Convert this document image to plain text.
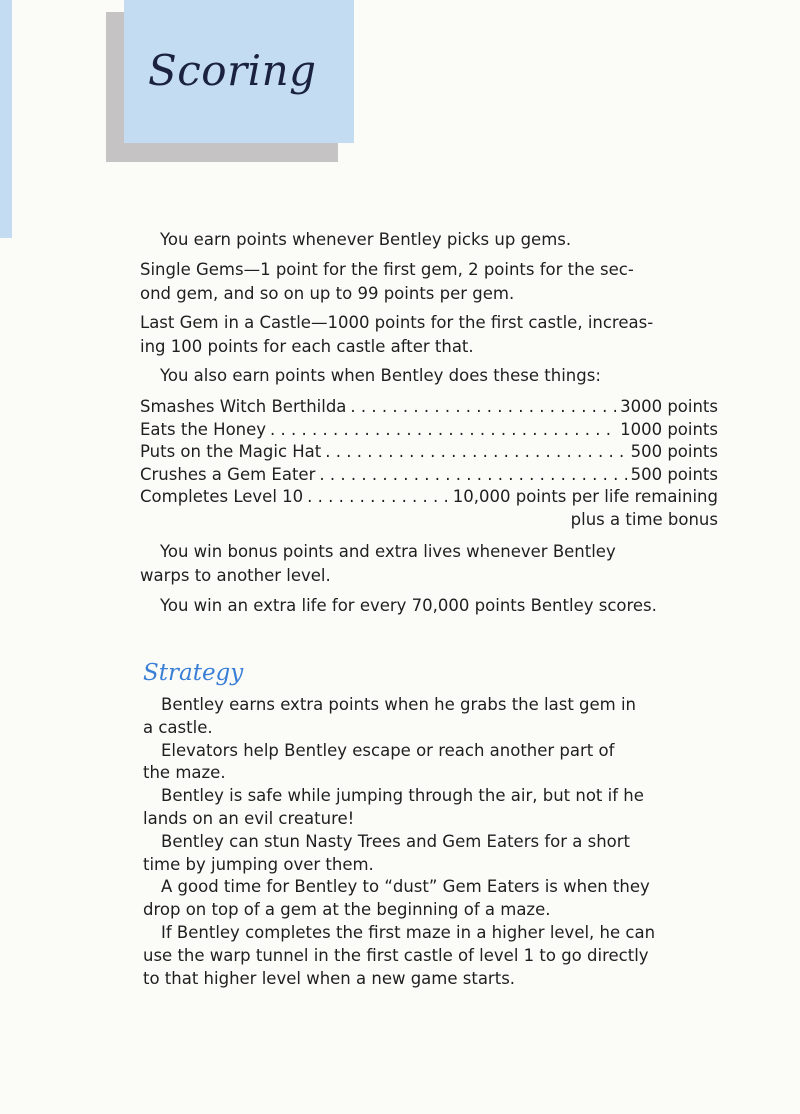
Scoring

You earn points whenever Bentley picks up gems.

Single Gems—1 point for the first gem, 2 points for the sec-
ond gem, and so on up to 99 points per gem.
Last Gem in a Castle—1000 points for the first castle, increas-
ing 100 points for each castle after that.

You also earn points when Bentley does these things:

Smashes Witch Berthilda . . .	3000 points
Eats the Honey . . .	1000 points
Puts on the Magic Hat . . .	500 points
Crushes a Gem Eater . . .	500 points
Completes Level 10 . . .	10,000 points per life remaining
plus a time bonus
You win bonus points and extra lives whenever Bentley
warps to another level.

You win an extra life for every 70,000 points Bentley scores.

Strategy

Bentley earns extra points when he grabs the last gem in
a castle.

Elevators help Bentley escape or reach another part of
the maze.

Bentley is safe while jumping through the air, but not if he
lands on an evil creature!

Bentley can stun Nasty Trees and Gem Eaters for a short
time by jumping over them.

A good time for Bentley to “dust” Gem Eaters is when they
drop on top of a gem at the beginning of a maze.

If Bentley completes the first maze in a higher level, he can
use the warp tunnel in the first castle of level 1 to go directly
to that higher level when a new game starts.
